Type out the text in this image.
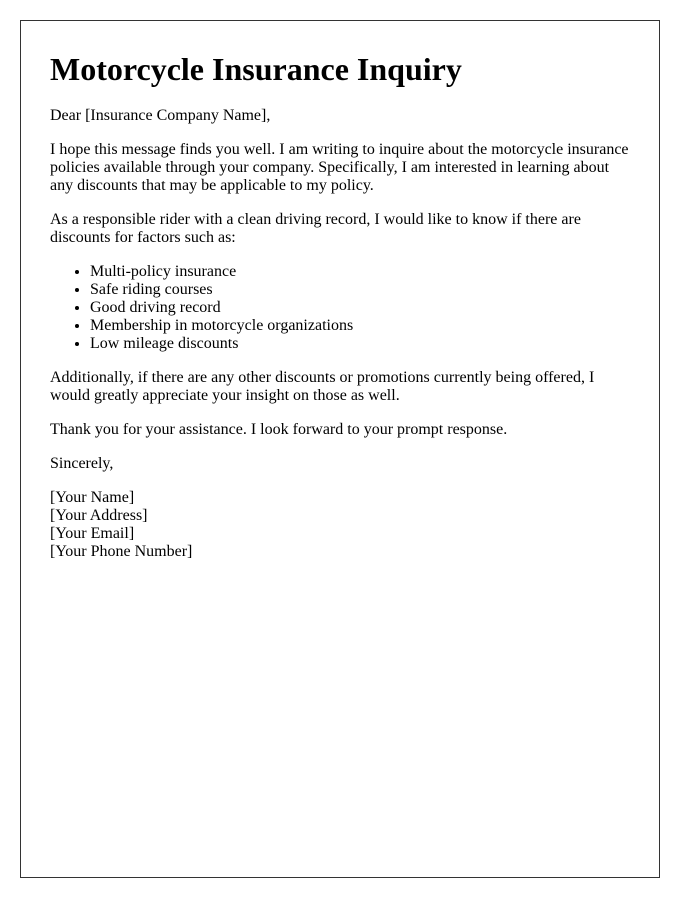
Motorcycle Insurance Inquiry

Dear [Insurance Company Name],

I hope this message finds you well. I am writing to inquire about the motorcycle insurance policies available through your company. Specifically, I am interested in learning about any discounts that may be applicable to my policy.

As a responsible rider with a clean driving record, I would like to know if there are discounts for factors such as:

• Multi-policy insurance
• Safe riding courses
• Good driving record
• Membership in motorcycle organizations
• Low mileage discounts

Additionally, if there are any other discounts or promotions currently being offered, I would greatly appreciate your insight on those as well.

Thank you for your assistance. I look forward to your prompt response.

Sincerely,

[Your Name]

[Your Address]

[Your Email]

[Your Phone Number]
